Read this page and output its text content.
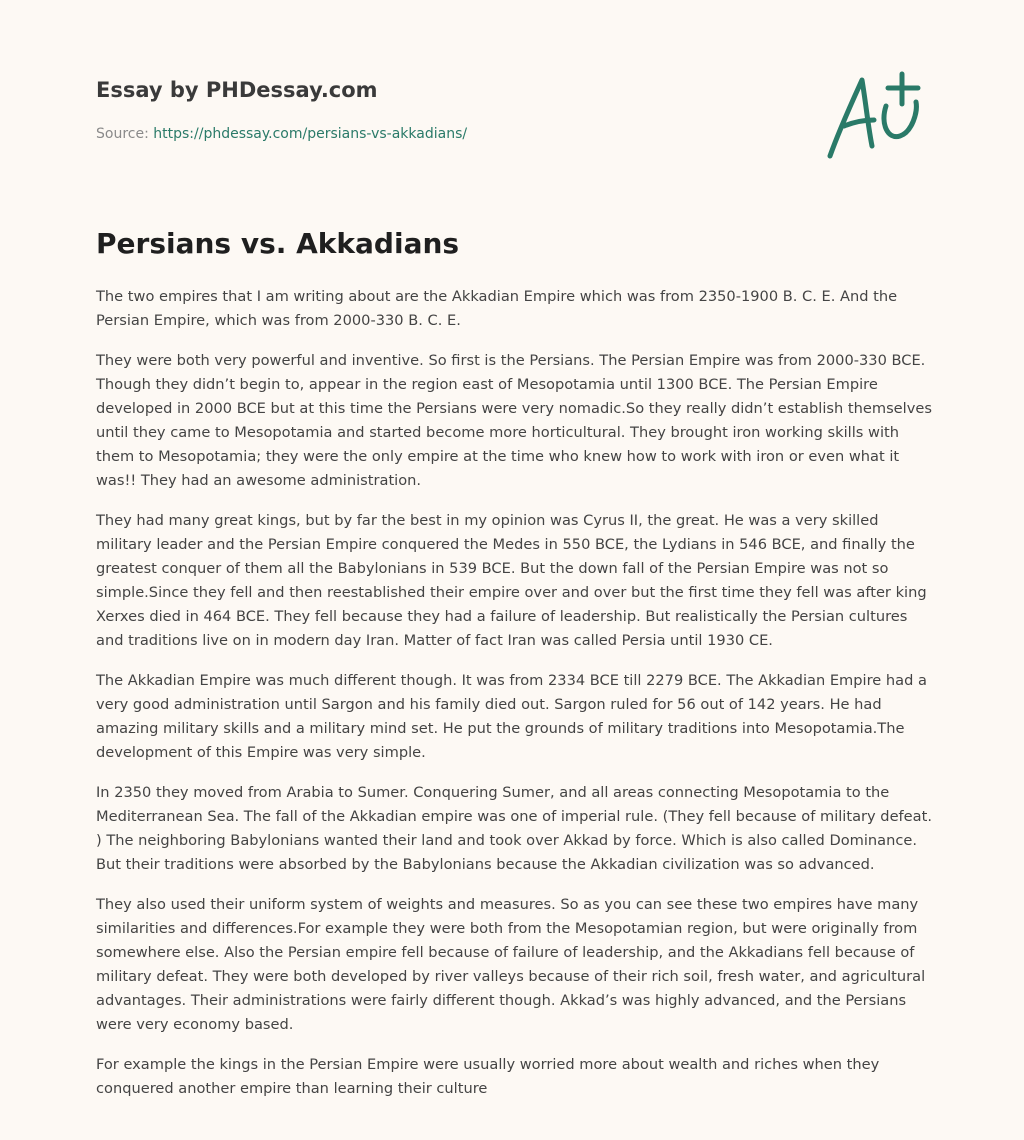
Essay by PHDessay.com

Source: https://phdessay.com/persians-vs-akkadians/
Persians vs. Akkadians

The two empires that I am writing about are the Akkadian Empire which was from 2350-1900 B. C. E. And the Persian Empire, which was from 2000-330 B. C. E.

They were both very powerful and inventive. So first is the Persians. The Persian Empire was from 2000-330 BCE. Though they didn’t begin to, appear in the region east of Mesopotamia until 1300 BCE. The Persian Empire developed in 2000 BCE but at this time the Persians were very nomadic.So they really didn’t establish themselves until they came to Mesopotamia and started become more horticultural. They brought iron working skills with them to Mesopotamia; they were the only empire at the time who knew how to work with iron or even what it was!! They had an awesome administration.

They had many great kings, but by far the best in my opinion was Cyrus II, the great. He was a very skilled military leader and the Persian Empire conquered the Medes in 550 BCE, the Lydians in 546 BCE, and finally the greatest conquer of them all the Babylonians in 539 BCE. But the down fall of the Persian Empire was not so simple.Since they fell and then reestablished their empire over and over but the first time they fell was after king Xerxes died in 464 BCE. They fell because they had a failure of leadership. But realistically the Persian cultures and traditions live on in modern day Iran. Matter of fact Iran was called Persia until 1930 CE.

The Akkadian Empire was much different though. It was from 2334 BCE till 2279 BCE. The Akkadian Empire had a very good administration until Sargon and his family died out. Sargon ruled for 56 out of 142 years. He had amazing military skills and a military mind set. He put the grounds of military traditions into Mesopotamia.The development of this Empire was very simple.

In 2350 they moved from Arabia to Sumer. Conquering Sumer, and all areas connecting Mesopotamia to the Mediterranean Sea. The fall of the Akkadian empire was one of imperial rule. (They fell because of military defeat. ) The neighboring Babylonians wanted their land and took over Akkad by force. Which is also called Dominance. But their traditions were absorbed by the Babylonians because the Akkadian civilization was so advanced.

They also used their uniform system of weights and measures. So as you can see these two empires have many similarities and differences.For example they were both from the Mesopotamian region, but were originally from somewhere else. Also the Persian empire fell because of failure of leadership, and the Akkadians fell because of military defeat. They were both developed by river valleys because of their rich soil, fresh water, and agricultural advantages. Their administrations were fairly different though. Akkad’s was highly advanced, and the Persians were very economy based.

For example the kings in the Persian Empire were usually worried more about wealth and riches when they conquered another empire than learning their culture
